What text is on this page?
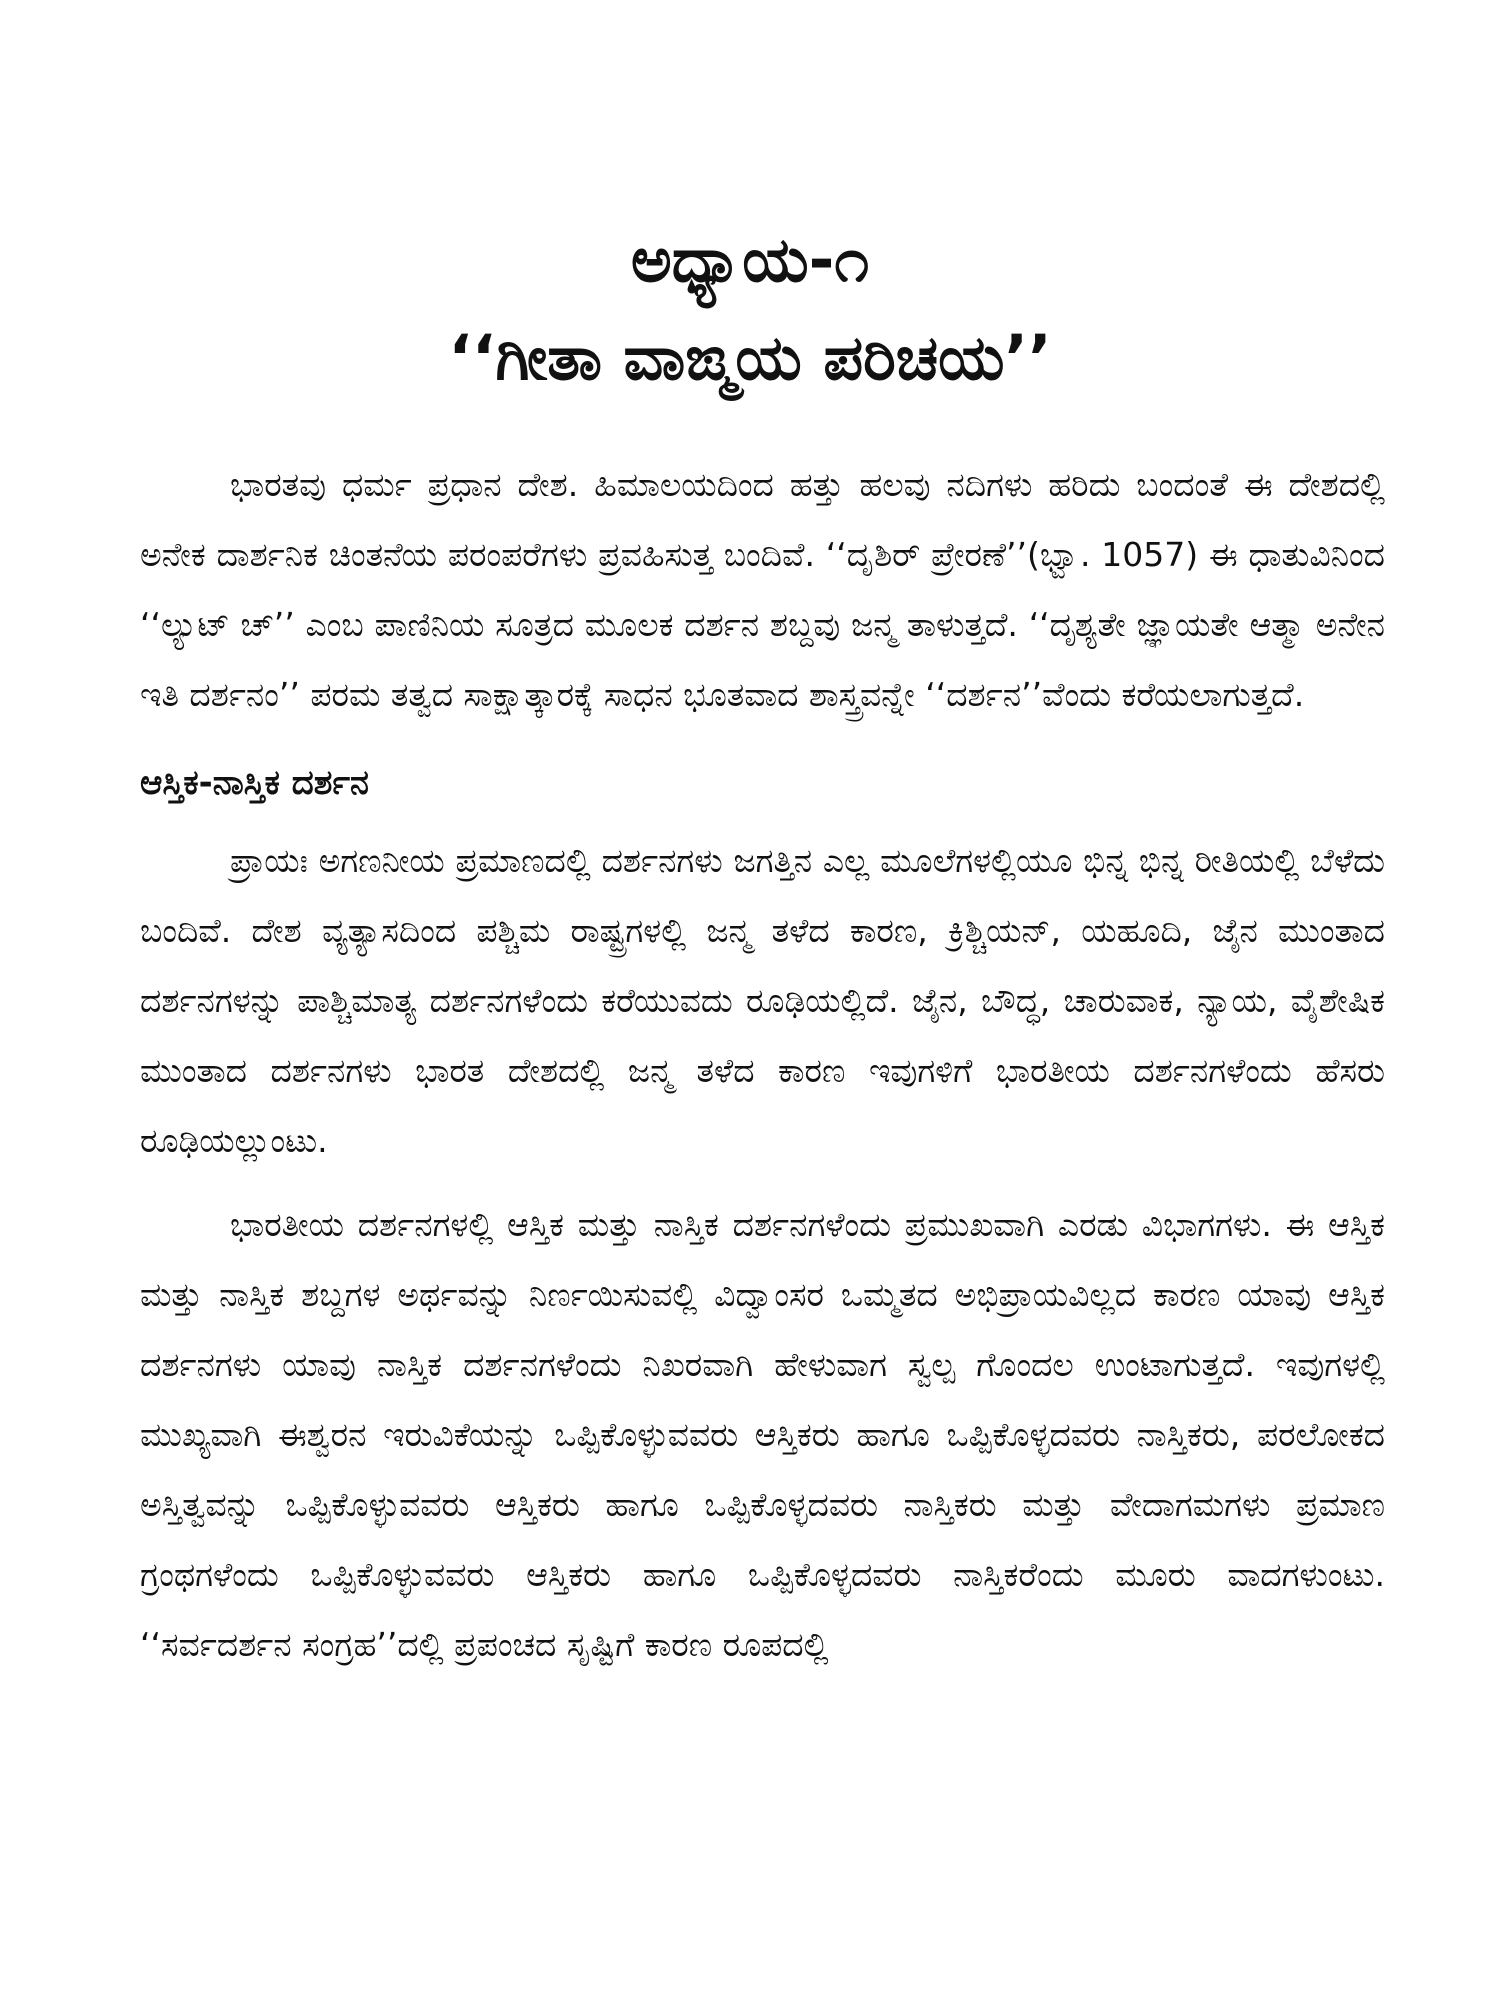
ಅಧ್ಯಾಯ-೧
‘‘ಗೀತಾ ವಾಙ್ಮಯ ಪರಿಚಯ’’

ಭಾರತವು ಧರ್ಮ ಪ್ರಧಾನ ದೇಶ. ಹಿಮಾಲಯದಿಂದ ಹತ್ತು ಹಲವು ನದಿಗಳು ಹರಿದು ಬಂದಂತೆ ಈ ದೇಶದಲ್ಲಿ ಅನೇಕ ದಾರ್ಶನಿಕ ಚಿಂತನೆಯ ಪರಂಪರೆಗಳು ಪ್ರವಹಿಸುತ್ತ ಬಂದಿವೆ. ‘‘ದೃಶಿರ್ ಪ್ರೇರಣೆ’’(ಭ್ವಾ. 1057) ಈ ಧಾತುವಿನಿಂದ ‘‘ಲ್ಯುಟ್ ಚ್’’ ಎಂಬ ಪಾಣಿನಿಯ ಸೂತ್ರದ ಮೂಲಕ ದರ್ಶನ ಶಬ್ದವು ಜನ್ಮ ತಾಳುತ್ತದೆ. ‘‘ದೃಶ್ಯತೇ ಜ್ಞಾಯತೇ ಆತ್ಮಾ ಅನೇನ ಇತಿ ದರ್ಶನಂ’’ ಪರಮ ತತ್ವದ ಸಾಕ್ಷಾತ್ಕಾರಕ್ಕೆ ಸಾಧನ ಭೂತವಾದ ಶಾಸ್ತ್ರವನ್ನೇ ‘‘ದರ್ಶನ’’ವೆಂದು ಕರೆಯಲಾಗುತ್ತದೆ.

ಆಸ್ತಿಕ-ನಾಸ್ತಿಕ ದರ್ಶನ

ಪ್ರಾಯಃ ಅಗಣನೀಯ ಪ್ರಮಾಣದಲ್ಲಿ ದರ್ಶನಗಳು ಜಗತ್ತಿನ ಎಲ್ಲ ಮೂಲೆಗಳಲ್ಲಿಯೂ ಭಿನ್ನ ಭಿನ್ನ ರೀತಿಯಲ್ಲಿ ಬೆಳೆದು ಬಂದಿವೆ. ದೇಶ ವ್ಯತ್ಯಾಸದಿಂದ ಪಶ್ಚಿಮ ರಾಷ್ಟ್ರಗಳಲ್ಲಿ ಜನ್ಮ ತಳೆದ ಕಾರಣ, ಕ್ರಿಶ್ಚಿಯನ್, ಯಹೂದಿ, ಜೈನ ಮುಂತಾದ ದರ್ಶನಗಳನ್ನು ಪಾಶ್ಚಿಮಾತ್ಯ ದರ್ಶನಗಳೆಂದು ಕರೆಯುವದು ರೂಢಿಯಲ್ಲಿದೆ. ಜೈನ, ಬೌದ್ಧ, ಚಾರುವಾಕ, ನ್ಯಾಯ, ವೈಶೇಷಿಕ ಮುಂತಾದ ದರ್ಶನಗಳು ಭಾರತ ದೇಶದಲ್ಲಿ ಜನ್ಮ ತಳೆದ ಕಾರಣ ಇವುಗಳಿಗೆ ಭಾರತೀಯ ದರ್ಶನಗಳೆಂದು ಹೆಸರು ರೂಢಿಯಲ್ಲುಂಟು.

ಭಾರತೀಯ ದರ್ಶನಗಳಲ್ಲಿ ಆಸ್ತಿಕ ಮತ್ತು ನಾಸ್ತಿಕ ದರ್ಶನಗಳೆಂದು ಪ್ರಮುಖವಾಗಿ ಎರಡು ವಿಭಾಗಗಳು. ಈ ಆಸ್ತಿಕ ಮತ್ತು ನಾಸ್ತಿಕ ಶಬ್ದಗಳ ಅರ್ಥವನ್ನು ನಿರ್ಣಯಿಸುವಲ್ಲಿ ವಿದ್ವಾಂಸರ ಒಮ್ಮತದ ಅಭಿಪ್ರಾಯವಿಲ್ಲದ ಕಾರಣ ಯಾವು ಆಸ್ತಿಕ ದರ್ಶನಗಳು ಯಾವು ನಾಸ್ತಿಕ ದರ್ಶನಗಳೆಂದು ನಿಖರವಾಗಿ ಹೇಳುವಾಗ ಸ್ವಲ್ಪ ಗೊಂದಲ ಉಂಟಾಗುತ್ತದೆ. ಇವುಗಳಲ್ಲಿ ಮುಖ್ಯವಾಗಿ ಈಶ್ವರನ ಇರುವಿಕೆಯನ್ನು ಒಪ್ಪಿಕೊಳ್ಳುವವರು ಆಸ್ತಿಕರು ಹಾಗೂ ಒಪ್ಪಿಕೊಳ್ಳದವರು ನಾಸ್ತಿಕರು, ಪರಲೋಕದ ಅಸ್ತಿತ್ವವನ್ನು ಒಪ್ಪಿಕೊಳ್ಳುವವರು ಆಸ್ತಿಕರು ಹಾಗೂ ಒಪ್ಪಿಕೊಳ್ಳದವರು ನಾಸ್ತಿಕರು ಮತ್ತು ವೇದಾಗಮಗಳು ಪ್ರಮಾಣ ಗ್ರಂಥಗಳೆಂದು ಒಪ್ಪಿಕೊಳ್ಳುವವರು ಆಸ್ತಿಕರು ಹಾಗೂ ಒಪ್ಪಿಕೊಳ್ಳದವರು ನಾಸ್ತಿಕರೆಂದು ಮೂರು ವಾದಗಳುಂಟು. ‘‘ಸರ್ವದರ್ಶನ ಸಂಗ್ರಹ’’ದಲ್ಲಿ ಪ್ರಪಂಚದ ಸೃಷ್ಟಿಗೆ ಕಾರಣ ರೂಪದಲ್ಲಿ
